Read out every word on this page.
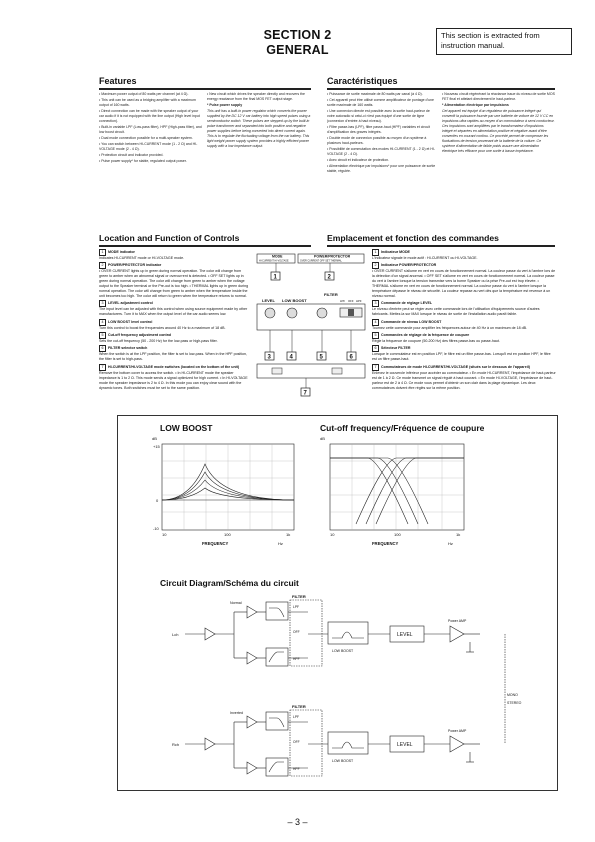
SECTION 2
GENERAL
This section is extracted from instruction manual.
Features	Caractéristiques

• Maximum power output of 80 watts per channel (at 4 Ω).

• This unit can be used as a bridging amplifier with a maximum output of 160 watts.

• Direct connection can be made with the speaker output of your car audio if it is not equipped with the line output (High level input connection).

• Built-in variable LPF (Low-pass filter), HPF (High-pass filter), and low boost circuit.

• Dual mode connection possible for a multi-speaker system.

• You can switch between HI-CURRENT mode (1 - 2 Ω) and HI-VOLTAGE mode (2 - 4 Ω).

• Protection circuit and indicator provided.

• Pulse power supply* for stable, regulated output power.

• New circuit which drives the speaker directly and recovers the energy reactance from the final MOS FET output stage.

* Pulse power supply

This unit has a built-in power regulator which converts the power supplied by the DC 12 V car battery into high speed pulses using a semiconductor switch. These pulses are stepped up by the built-in pulse transformer and separated into both positive and negative power supplies before being converted into direct current again. This is to regulate the fluctuating voltage from the car battery. This light weight power supply system provides a highly efficient power supply with a low impedance output.

• Puissance de sortie maximale de 80 watts par canal (à 4 Ω).

• Cet appareil peut être utilisé comme amplificateur de pontage d'une sortie maximale de 160 watts.

• Une connexion directe est possible avec la sortie haut-parleur de votre autoradio si celui-ci n'est pas équipé d'une sortie de ligne (connexion d'entrée à haut niveau).

• Filtre passe-bas (LPF), filtre passe-haut (HPF) variables et circuit d'amplification des graves intégrés.

• Double mode de connexion possible au moyen d'un système à plusieurs haut-parleurs.

• Possibilité de commutation des modes HI-CURRENT (1 - 2 Ω) et HI-VOLTAGE (2 - 4 Ω).

• Avec circuit et indicateur de protection.

• Alimentation électrique par impulsions* pour une puissance de sortie stable, régulée.

• Nouveau circuit régénérant la réactance issue du niveau de sortie MOS FET final et attelant directement le haut-parleur.

* Alimentation électrique par impulsions

Cet appareil est équipé d'un régulateur de puissance intégré qui convertit la puissance fournie par une batterie de voiture de 12 V CC en impulsions ultra rapides au moyen d'un commutateur à semi-conducteur. Ces impulsions sont amplifiées par le transformateur d'impulsions intégré et séparées en alimentation positive et négative avant d'être converties en courant continu. Ce procédé permet de compenser les fluctuations de tension provenant de la batterie de la voiture. Ce système d'alimentation de faible poids assure une alimentation électrique très efficace pour une sortie à basse impédance.

Location and Function of Controls	Emplacement et fonction des commandes
1 MODE indicator
Indicates HI-CURRENT mode or HI-VOLTAGE mode.
2 POWER/PROTECTOR indicator
• OVER CURRENT lights up in green during normal operation. The color will change from green to amber when an abnormal signal or overcurrent is detected. • OFF SET lights up in green during normal operation. The color will change from green to amber when the voltage output to the Speaker terminal or the Pre-out is too high. • THERMAL lights up in green during normal operation. The color will change from green to amber when the temperature inside the unit becomes too high. The color will return to green when the temperature returns to normal.
3 LEVEL adjustment control
The input level can be adjusted with this control when using source equipment made by other manufacturers. Turn it to MAX when the output level of the car audio seems low.
4 LOW BOOST level control
Turn this control to boost the frequencies around 40 Hz to a maximum of 18 dB.
5 Cut-off frequency adjustment control
Sets the cut-off frequency (50 - 200 Hz) for the low-pass or high-pass filter.
6 FILTER selector switch
When the switch is at the LPF position, the filter is set to low-pass. When in the HPF position, the filter is set to high-pass.
7 HI-CURRENT/HI-VOLTAGE mode switches (located on the bottom of the unit)
Remove the bottom cover to access the switch. • In HI-CURRENT mode the speaker impedance is 1 to 2 Ω. This mode sends a signal optimized for high current. • In HI-VOLTAGE mode the speaker impedance is 2 to 4 Ω. In this mode you can enjoy clear sound with the dynamic tones. Both switches must be set to the same position.
1 Indicateur MODE
L'indicateur signale le mode actif : HI-CURRENT ou HI-VOLTAGE.
2 Indicateur POWER/PROTECTOR
• OVER CURRENT s'allume en vert en cours de fonctionnement normal. La couleur passe du vert à l'ambre lors de la détection d'un signal anormal. • OFF SET s'allume en vert en cours de fonctionnement normal. La couleur passe du vert à l'ambre lorsque la tension transmise vers la borne Speaker ou la prise Pre-out est trop élevée. • THERMAL s'allume en vert en cours de fonctionnement normal. La couleur passe du vert à l'ambre lorsque la température dépasse le niveau de sécurité. La couleur repasse au vert dès que la température est revenue à un niveau normal.
3 Commande de réglage LEVEL
Le niveau d'entrée peut se régler avec cette commande lors de l'utilisation d'équipements source d'autres fabricants. Mettez-la sur MAX lorsque le niveau de sortie de l'installation audio paraît faible.
4 Commande de niveau LOW BOOST
Tournez cette commande pour amplifier les fréquences autour de 40 Hz à un maximum de 18 dB.
5 Commandes de réglage de la fréquence de coupure
Règle la fréquence de coupure (50-200 Hz) des filtres passe-bas ou passe-haut.
6 Sélecteur FILTER
Lorsque le commutateur est en position LPF, le filtre est un filtre passe-bas. Lorsqu'il est en position HPF, le filtre est un filtre passe-haut.
7 Commutateurs de mode HI-CURRENT/HI-VOLTAGE (situés sur le dessous de l'appareil)
Enlevez le couvercle inférieur pour accéder au commutateur. • En mode HI-CURRENT, l'impédance de haut-parleur est de 1 à 2 Ω. Ce mode transmet un signal régulé à haut courant. • En mode HI-VOLTAGE, l'impédance de haut-parleur est de 2 à 4 Ω. Ce mode vous permet d'obtenir un son clair dans la plage dynamique. Les deux commutateurs doivent être réglés sur la même position.
MODE
HI-CURRENT HI-VOLTAGE
POWER/PROTECTOR
OVER CURRENT OFF SET THERMAL
1	2
FILTER
LEVEL LOW BOOST	LPF OFF HPF
3	4	5	6
7
LOW BOOST	Cut-off frequency/Fréquence de coupure
dB
+15
0
-10
10	100	1k
FREQUENCY	Hz
dB
10	100	1k
FREQUENCY	Hz
Circuit Diagram/Schéma du circuit
Lch
Normal
FILTER
LPF
OFF
HPF
LOW BOOST
LEVEL
Power AMP
MONO
STEREO
Rch
Inverted
FILTER
LPF
OFF
HPF
LOW BOOST
LEVEL
Power AMP
– 3 –
